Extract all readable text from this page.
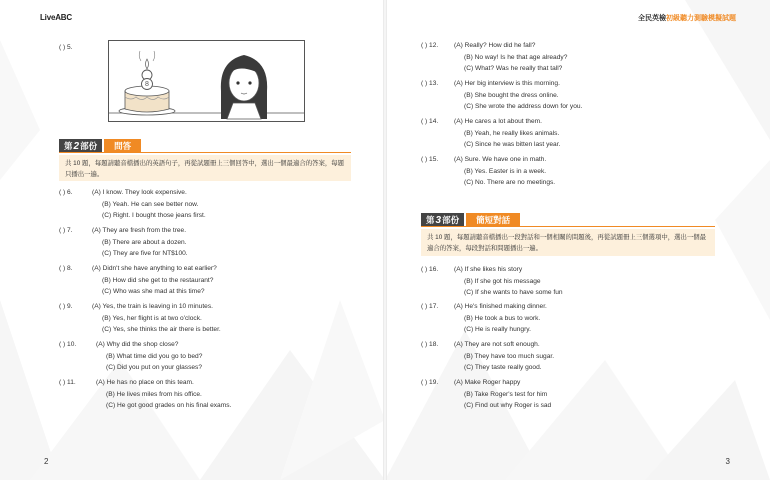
LiveABC
( ) 5.
8
第 2 部份	問答
共 10 題，每題請聽音檔播出的英語句子，再從試題冊上三個回答中，選出一個最適合的答案，每題只播出一遍。
( ) 6.	(A) I know. They look expensive.
(B) Yeah. He can see better now.
(C) Right. I bought those jeans first.
( ) 7.	(A) They are fresh from the tree.
(B) There are about a dozen.
(C) They are five for NT$100.
( ) 8.	(A) Didn't she have anything to eat earlier?
(B) How did she get to the restaurant?
(C) Who was she mad at this time?
( ) 9.	(A) Yes, the train is leaving in 10 minutes.
(B) Yes, her flight is at two o'clock.
(C) Yes, she thinks the air there is better.
( ) 10.	(A) Why did the shop close?
(B) What time did you go to bed?
(C) Did you put on your glasses?
( ) 11.	(A) He has no place on this team.
(B) He lives miles from his office.
(C) He got good grades on his final exams.
2
全民英檢初級聽力測驗模擬試題
( ) 12. (A) Really? How did he fall?
(B) No way! Is he that age already?
(C) What? Was he really that tall?
( ) 13. (A) Her big interview is this morning.
(B) She bought the dress online.
(C) She wrote the address down for you.
( ) 14. (A) He cares a lot about them.
(B) Yeah, he really likes animals.
(C) Since he was bitten last year.
( ) 15. (A) Sure. We have one in math.
(B) Yes. Easter is in a week.
(C) No. There are no meetings.
第 3 部份	簡短對話
共 10 題，每題請聽音檔播出一段對話和一個相關的問題後，再從試題冊上三個選項中，選出一個最適合的答案，每段對話和問題播出一遍。
( ) 16. (A) If she likes his story
(B) If she got his message
(C) If she wants to have some fun
( ) 17. (A) He's finished making dinner.
(B) He took a bus to work.
(C) He is really hungry.
( ) 18. (A) They are not soft enough.
(B) They have too much sugar.
(C) They taste really good.
( ) 19. (A) Make Roger happy
(B) Take Roger's test for him
(C) Find out why Roger is sad
3
